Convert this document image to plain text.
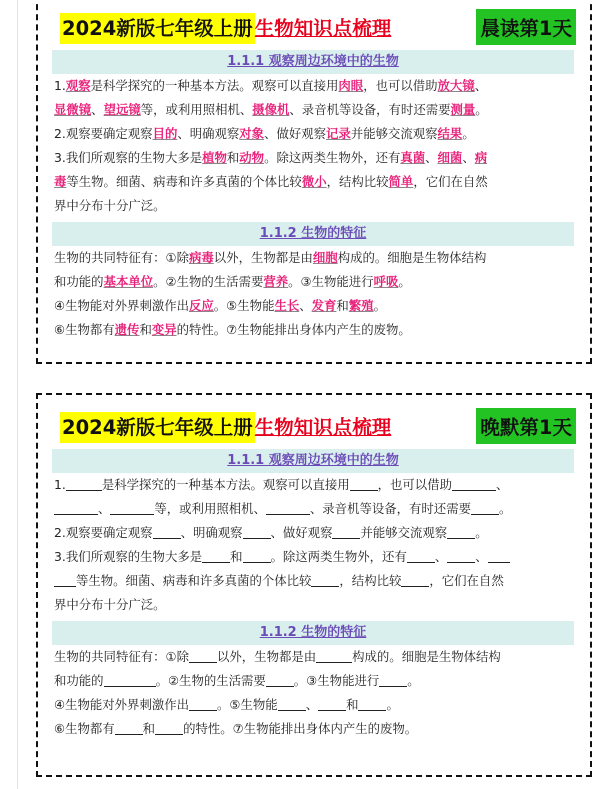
2024新版七年级上册 生物知识点梳理	晨读第1天
1.1.1 观察周边环境中的生物

1.观察是科学探究的一种基本方法。观察可以直接用肉眼，也可以借助放大镜、

显微镜、望远镜等，或利用照相机、摄像机、录音机等设备，有时还需要测量。

2.观察要确定观察目的、明确观察对象、做好观察记录并能够交流观察结果。

3.我们所观察的生物大多是植物和动物。除这两类生物外，还有真菌、细菌、病

毒等生物。细菌、病毒和许多真菌的个体比较微小，结构比较简单，它们在自然

界中分布十分广泛。

1.1.2 生物的特征

生物的共同特征有：①除病毒以外，生物都是由细胞构成的。细胞是生物体结构

和功能的基本单位。②生物的生活需要营养。③生物能进行呼吸。

④生物能对外界刺激作出反应。⑤生物能生长、发育和繁殖。

⑥生物都有遗传和变异的特性。⑦生物能排出身体内产生的废物。

2024新版七年级上册 生物知识点梳理	晚默第1天
1.1.1 观察周边环境中的生物

1.	是科学探究的一种基本方法。观察可以直接用 ，也可以借助	、

、	等，或利用照相机、	、录音机等设备，有时还需要 。

2.观察要确定观察 、明确观察 、做好观察 并能够交流观察 。

3.我们所观察的生物大多是 和 。除这两类生物外，还有 、 、

等生物。细菌、病毒和许多真菌的个体比较 ，结构比较 ，它们在自然

界中分布十分广泛。

1.1.2 生物的特征

生物的共同特征有：①除 以外，生物都是由	构成的。细胞是生物体结构

和功能的	。②生物的生活需要 。③生物能进行 。

④生物能对外界刺激作出 。⑤生物能 、 和 。

⑥生物都有 和 的特性。⑦生物能排出身体内产生的废物。
